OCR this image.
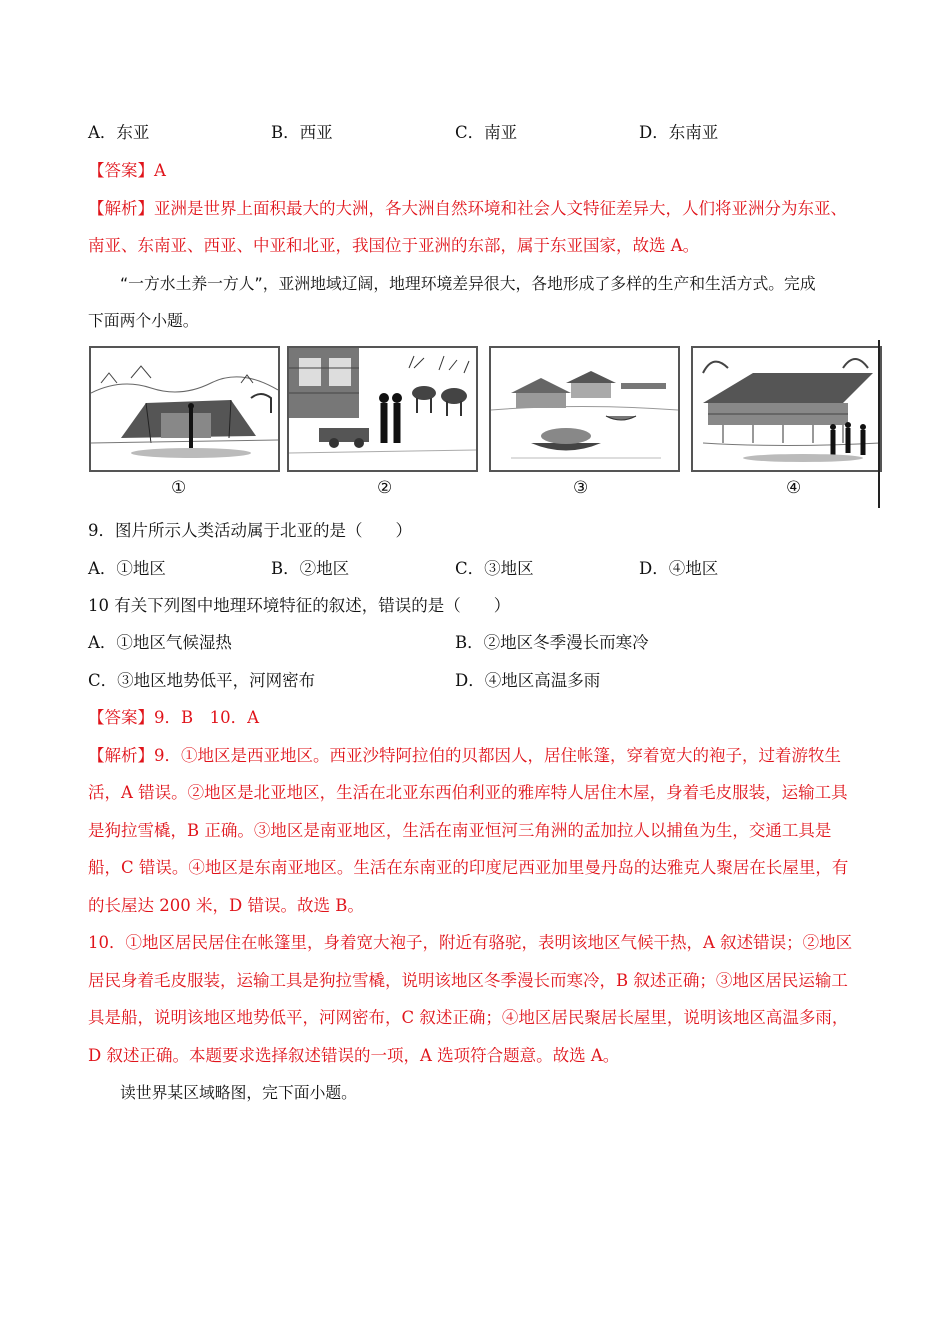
A．东亚	B．西亚	C．南亚	D．东南亚
【答案】A
【解析】亚洲是世界上面积最大的大洲，各大洲自然环境和社会人文特征差异大，人们将亚洲分为东亚、
南亚、东南亚、西亚、中亚和北亚，我国位于亚洲的东部，属于东亚国家，故选 A。
“一方水土养一方人”，亚洲地域辽阔，地理环境差异很大，各地形成了多样的生产和生活方式。完成
下面两个小题。
①	②	③	④
9．图片所示人类活动属于北亚的是（　　）
A．①地区	B．②地区	C．③地区	D．④地区
10 有关下列图中地理环境特征的叙述，错误的是（　　）
A．①地区气候湿热	B．②地区冬季漫长而寒冷
C．③地区地势低平，河网密布	D．④地区高温多雨
【答案】9．B　10．A
【解析】9．①地区是西亚地区。西亚沙特阿拉伯的贝都因人，居住帐篷，穿着宽大的袍子，过着游牧生
活，A 错误。②地区是北亚地区，生活在北亚东西伯利亚的雅库特人居住木屋，身着毛皮服装，运输工具
是狗拉雪橇，B 正确。③地区是南亚地区，生活在南亚恒河三角洲的孟加拉人以捕鱼为生，交通工具是
船，C 错误。④地区是东南亚地区。生活在东南亚的印度尼西亚加里曼丹岛的达雅克人聚居在长屋里，有
的长屋达 200 米，D 错误。故选 B。
10．①地区居民居住在帐篷里，身着宽大袍子，附近有骆驼，表明该地区气候干热，A 叙述错误；②地区
居民身着毛皮服装，运输工具是狗拉雪橇，说明该地区冬季漫长而寒冷，B 叙述正确；③地区居民运输工
具是船，说明该地区地势低平，河网密布，C 叙述正确；④地区居民聚居长屋里，说明该地区高温多雨，
D 叙述正确。本题要求选择叙述错误的一项，A 选项符合题意。故选 A。
读世界某区域略图，完下面小题。
